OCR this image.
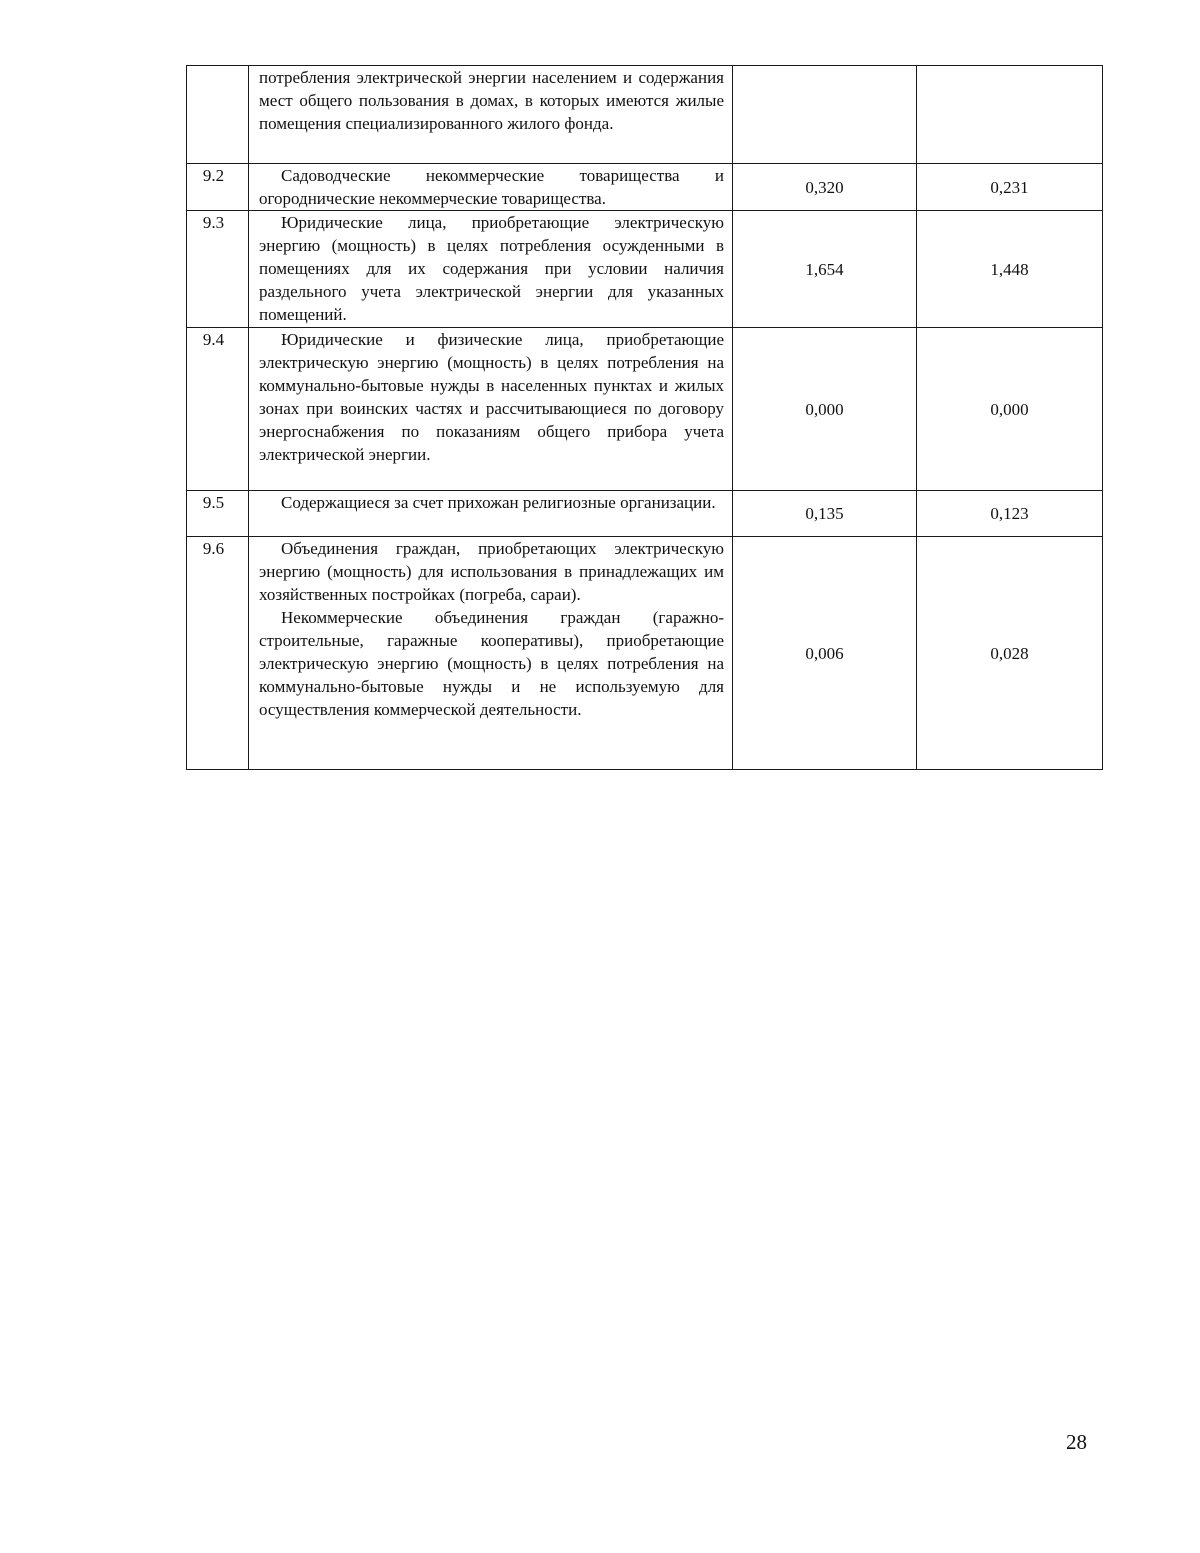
	потребления электрической энергии населением и содержания мест общего пользования в домах, в которых имеются жилые помещения специализированного жилого фонда.		

9.2	Садоводческие некоммерческие товарищества и огороднические некоммерческие товарищества.	0,320	0,231

9.3	Юридические лица, приобретающие электрическую энергию (мощность) в целях потребления осужденными в помещениях для их содержания при условии наличия раздельного учета электрической энергии для указанных помещений.	1,654	1,448

9.4	Юридические и физические лица, приобретающие электрическую энергию (мощность) в целях потребления на коммунально-бытовые нужды в населенных пунктах и жилых зонах при воинских частях и рассчитывающиеся по договору энергоснабжения по показаниям общего прибора учета электрической энергии.	0,000	0,000

9.5	Содержащиеся за счет прихожан религиозные организации.	0,135	0,123

9.6	Объединения граждан, приобретающих электрическую энергию (мощность) для использования в принадлежащих им хозяйственных постройках (погреба, сараи).

Некоммерческие объединения граждан (гаражно-строительные, гаражные кооперативы), приобретающие электрическую энергию (мощность) в целях потребления на коммунально-бытовые нужды и не используемую для осуществления коммерческой деятельности.	0,006	0,028
28
